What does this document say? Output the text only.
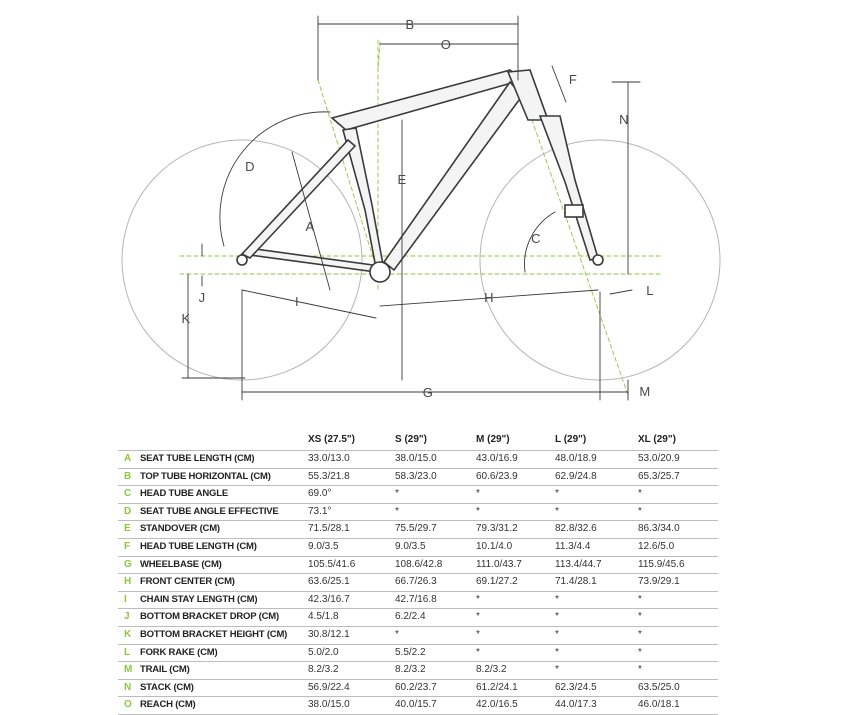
B
O
F
N
D
E
A
C
J	L
I	H
K
G	M
XS (27.5")	S (29")	M (29")	L (29")	XL (29")
A SEAT TUBE LENGTH (CM)	33.0/13.0	38.0/15.0	43.0/16.9	48.0/18.9	53.0/20.9
B TOP TUBE HORIZONTAL (CM)	55.3/21.8	58.3/23.0	60.6/23.9	62.9/24.8	65.3/25.7
C HEAD TUBE ANGLE	69.0°	*	*	*	*
D SEAT TUBE ANGLE EFFECTIVE	73.1°	*	*	*	*
E STANDOVER (CM)	71.5/28.1	75.5/29.7	79.3/31.2	82.8/32.6	86.3/34.0
F HEAD TUBE LENGTH (CM)	9.0/3.5	9.0/3.5	10.1/4.0	11.3/4.4	12.6/5.0
G WHEELBASE (CM)	105.5/41.6	108.6/42.8	111.0/43.7	113.4/44.7	115.9/45.6
H FRONT CENTER (CM)	63.6/25.1	66.7/26.3	69.1/27.2	71.4/28.1	73.9/29.1
I CHAIN STAY LENGTH (CM)	42.3/16.7	42.7/16.8	*	*	*
J BOTTOM BRACKET DROP (CM)	4.5/1.8	6.2/2.4	*	*	*
K BOTTOM BRACKET HEIGHT (CM) 30.8/12.1	*	*	*	*
L FORK RAKE (CM)	5.0/2.0	5.5/2.2	*	*	*
M TRAIL (CM)	8.2/3.2	8.2/3.2	8.2/3.2	*	*
N STACK (CM)	56.9/22.4	60.2/23.7	61.2/24.1	62.3/24.5	63.5/25.0
O REACH (CM)	38.0/15.0	40.0/15.7	42.0/16.5	44.0/17.3	46.0/18.1
